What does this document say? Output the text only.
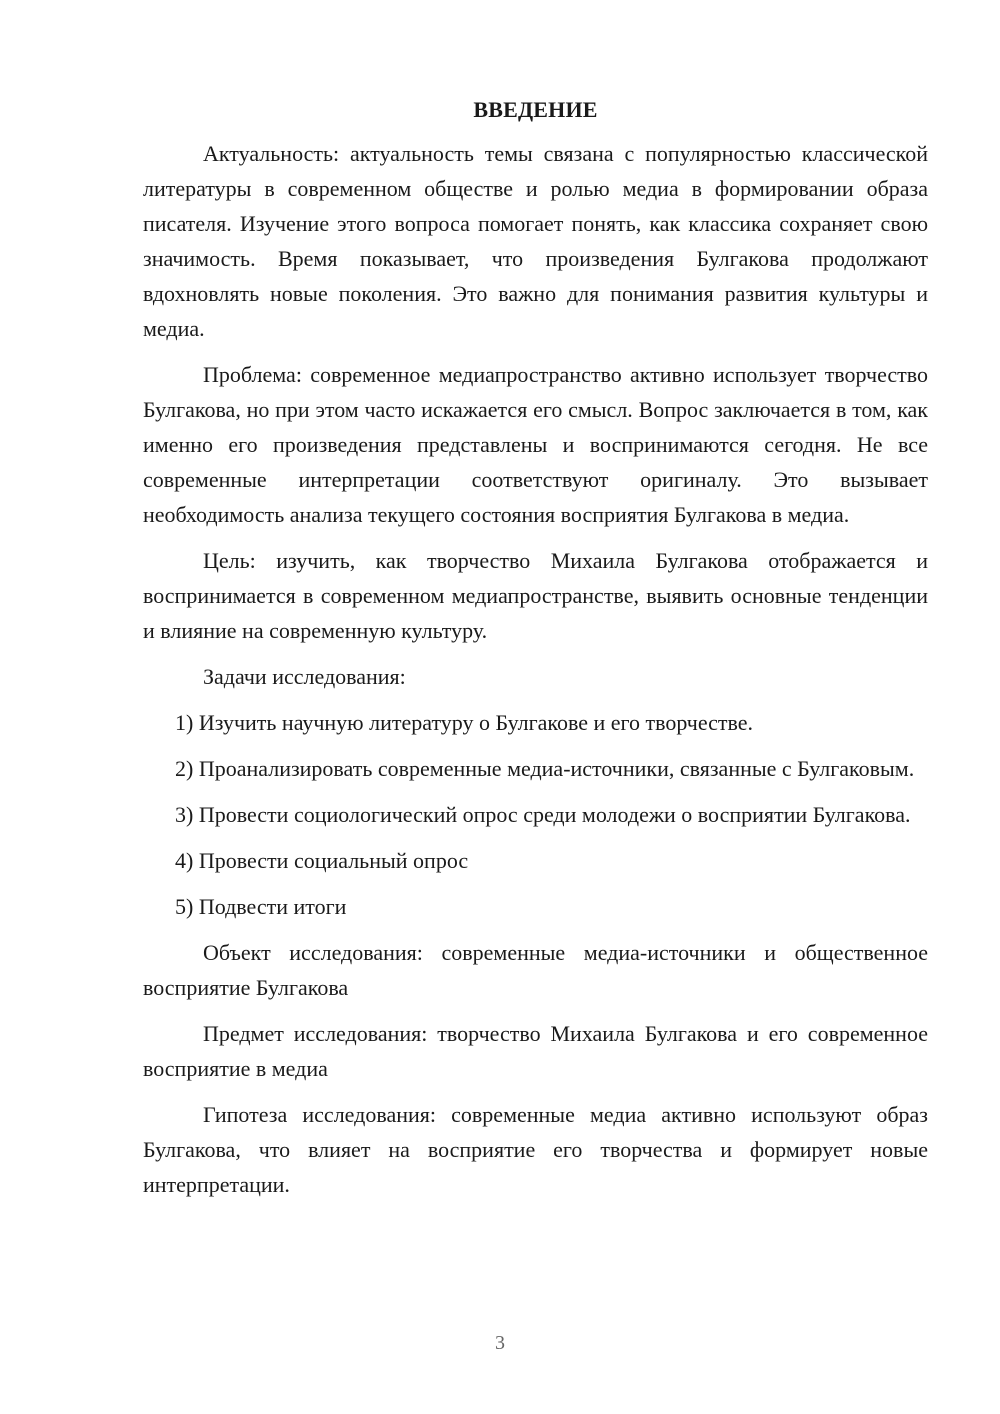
ВВЕДЕНИЕ

Актуальность: актуальность темы связана с популярностью классической литературы в современном обществе и ролью медиа в формировании образа писателя. Изучение этого вопроса помогает понять, как классика сохраняет свою значимость. Время показывает, что произведения Булгакова продолжают вдохновлять новые поколения. Это важно для понимания развития культуры и медиа.

Проблема: современное медиапространство активно использует творчество Булгакова, но при этом часто искажается его смысл. Вопрос заключается в том, как именно его произведения представлены и воспринимаются сегодня. Не все современные интерпретации соответствуют оригиналу. Это вызывает необходимость анализа текущего состояния восприятия Булгакова в медиа.

Цель: изучить, как творчество Михаила Булгакова отображается и воспринимается в современном медиапространстве, выявить основные тенденции и влияние на современную культуру.

Задачи исследования:

1) Изучить научную литературу о Булгакове и его творчестве.

2) Проанализировать современные медиа-источники, связанные с Булгаковым.

3) Провести социологический опрос среди молодежи о восприятии Булгакова.

4) Провести социальный опрос

5) Подвести итоги

Объект исследования: современные медиа-источники и общественное восприятие Булгакова

Предмет исследования: творчество Михаила Булгакова и его современное восприятие в медиа

Гипотеза исследования: современные медиа активно используют образ Булгакова, что влияет на восприятие его творчества и формирует новые интерпретации.

3
